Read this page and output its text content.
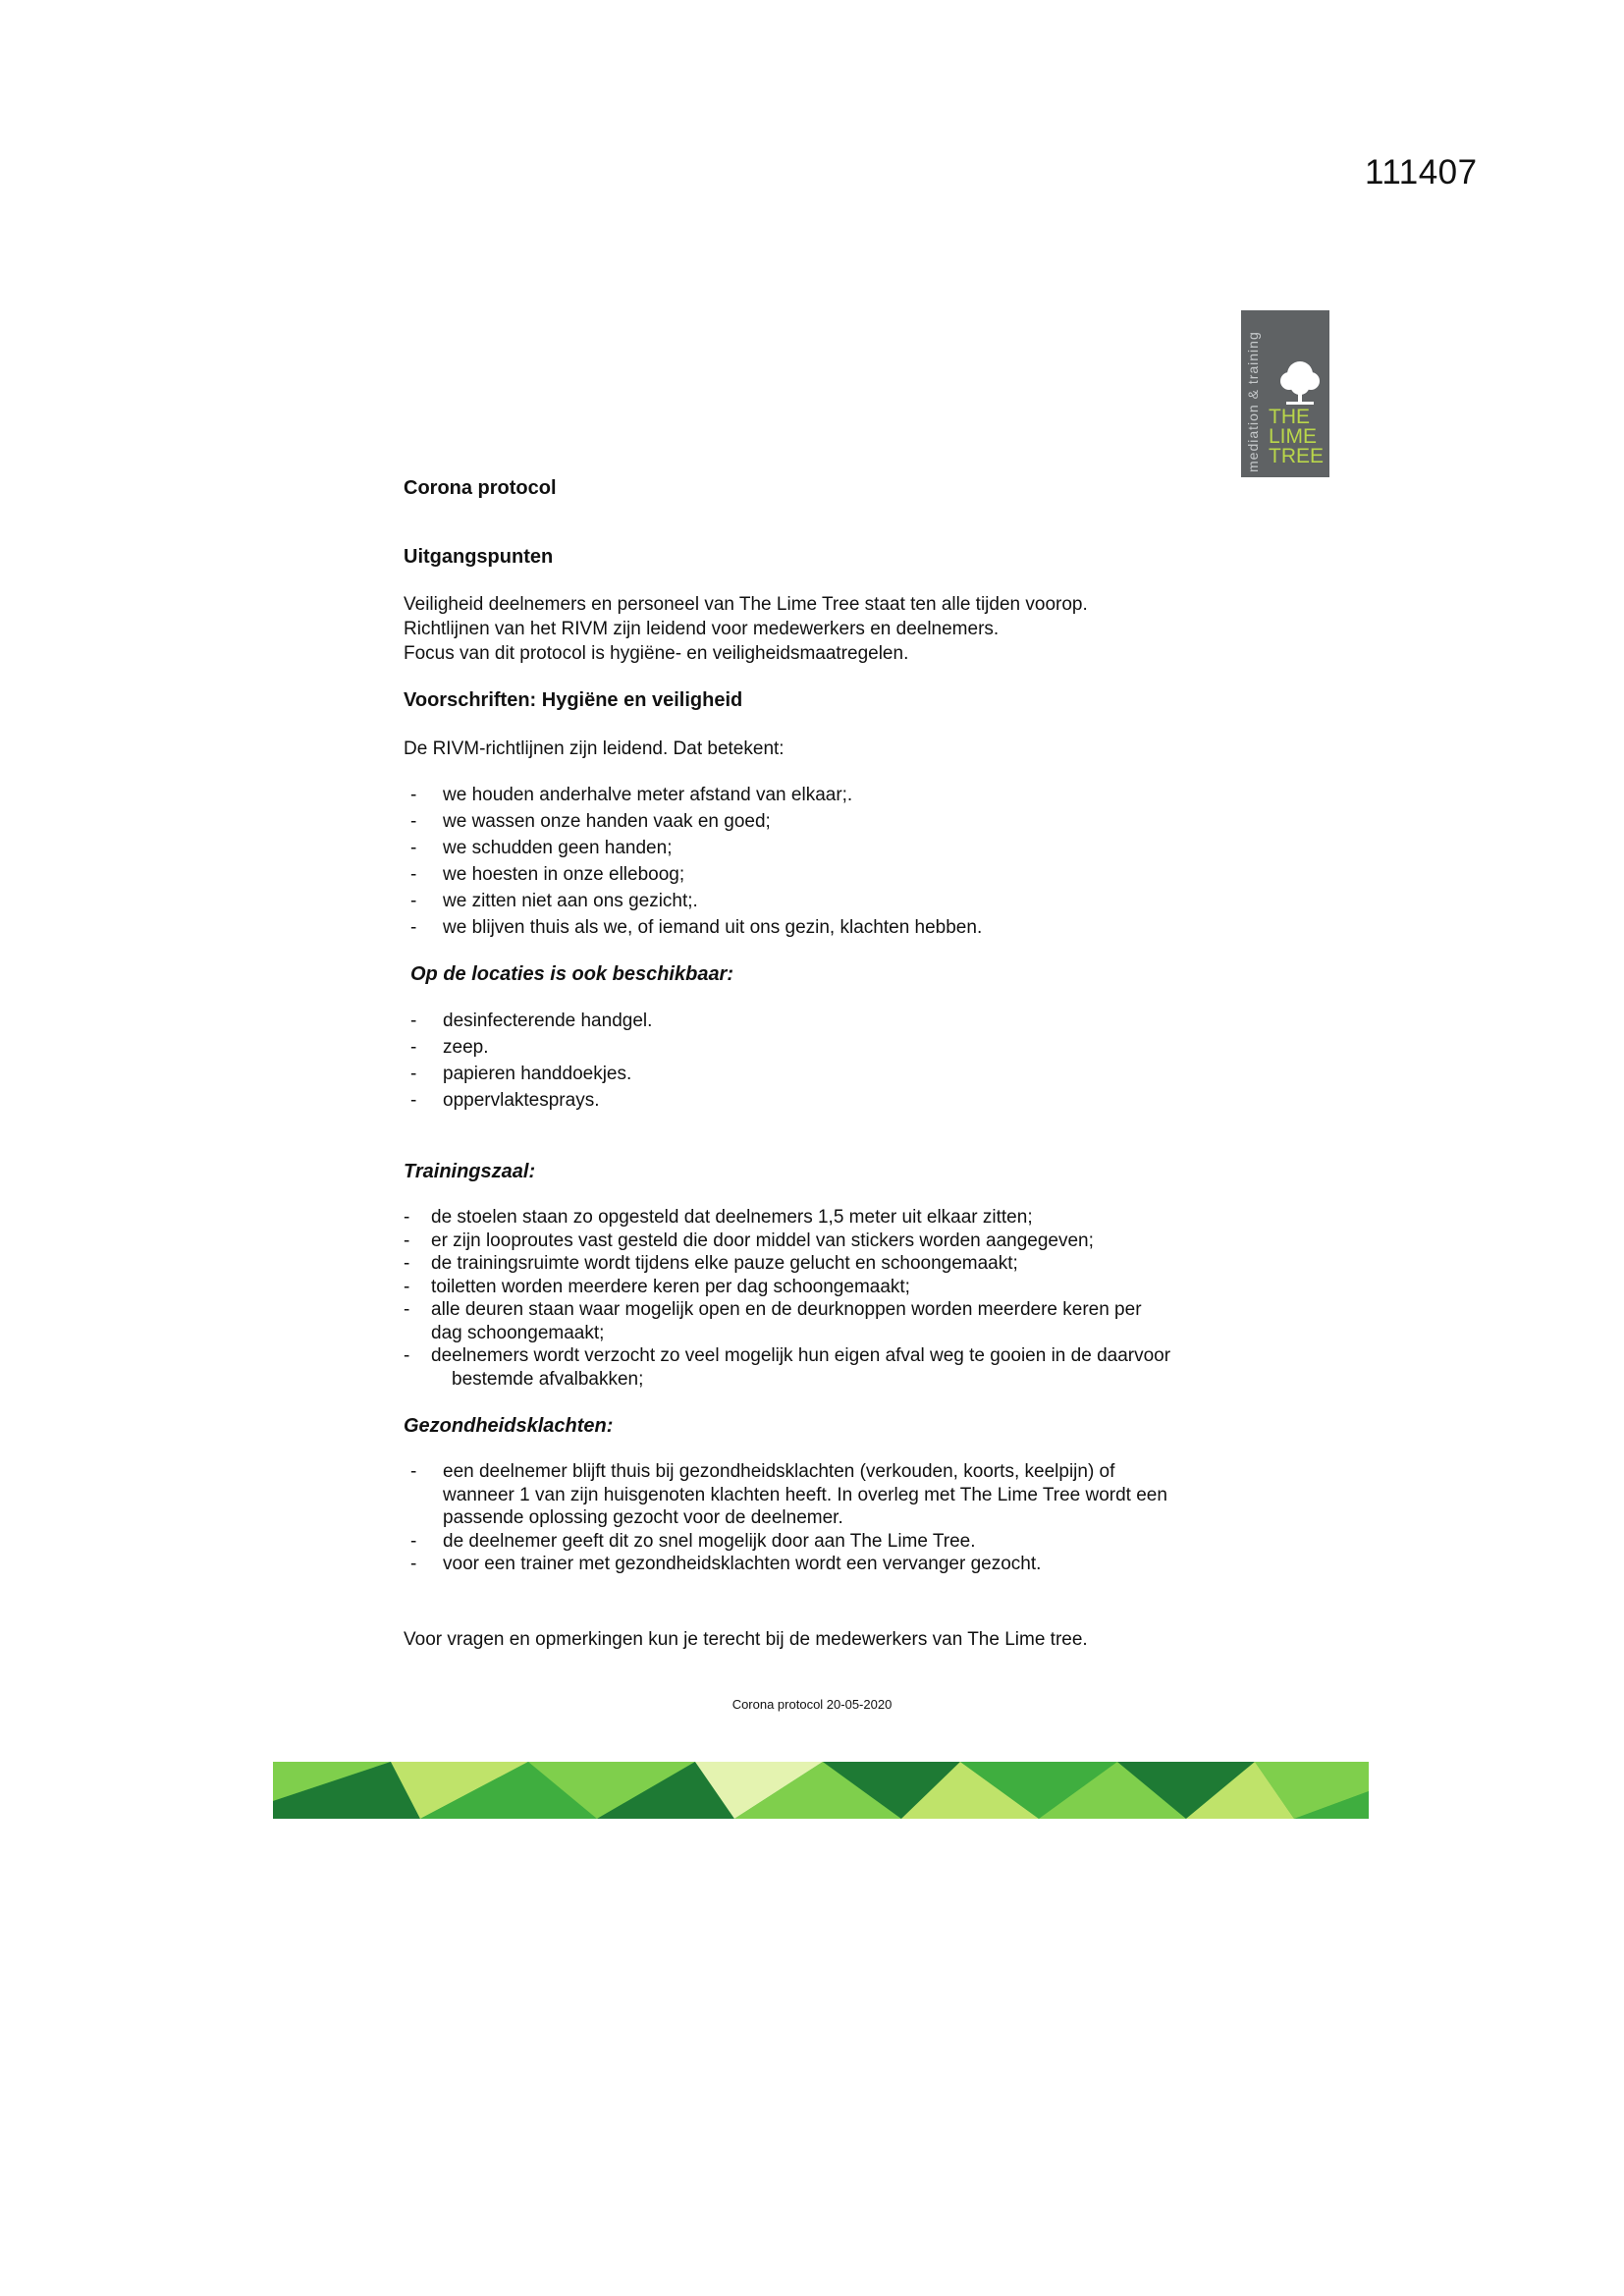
111407
mediation & training THE
LIME
TREE
Corona protocol
Uitgangspunten

Veiligheid deelnemers en personeel van The Lime Tree staat ten alle tijden voorop.

Richtlijnen van het RIVM zijn leidend voor medewerkers en deelnemers.

Focus van dit protocol is hygiëne- en veiligheidsmaatregelen.

Voorschriften: Hygiëne en veiligheid

De RIVM-richtlijnen zijn leidend. Dat betekent:

- we houden anderhalve meter afstand van elkaar;.
- we wassen onze handen vaak en goed;
- we schudden geen handen;
- we hoesten in onze elleboog;
- we zitten niet aan ons gezicht;.
- we blijven thuis als we, of iemand uit ons gezin, klachten hebben.
Op de locaties is ook beschikbaar:
- desinfecterende handgel.
- zeep.
- papieren handdoekjes.
- oppervlaktesprays.
Trainingszaal:
- de stoelen staan zo opgesteld dat deelnemers 1,5 meter uit elkaar zitten;
- er zijn looproutes vast gesteld die door middel van stickers worden aangegeven;
- de trainingsruimte wordt tijdens elke pauze gelucht en schoongemaakt;
- toiletten worden meerdere keren per dag schoongemaakt;
- alle deuren staan waar mogelijk open en de deurknoppen worden meerdere keren per
dag schoongemaakt;
- deelnemers wordt verzocht zo veel mogelijk hun eigen afval weg te gooien in de daarvoor
bestemde afvalbakken;
Gezondheidsklachten:
- een deelnemer blijft thuis bij gezondheidsklachten (verkouden, koorts, keelpijn) of
wanneer 1 van zijn huisgenoten klachten heeft. In overleg met The Lime Tree wordt een
passende oplossing gezocht voor de deelnemer.
- de deelnemer geeft dit zo snel mogelijk door aan The Lime Tree.
- voor een trainer met gezondheidsklachten wordt een vervanger gezocht.

Voor vragen en opmerkingen kun je terecht bij de medewerkers van The Lime tree.

Corona protocol 20-05-2020
